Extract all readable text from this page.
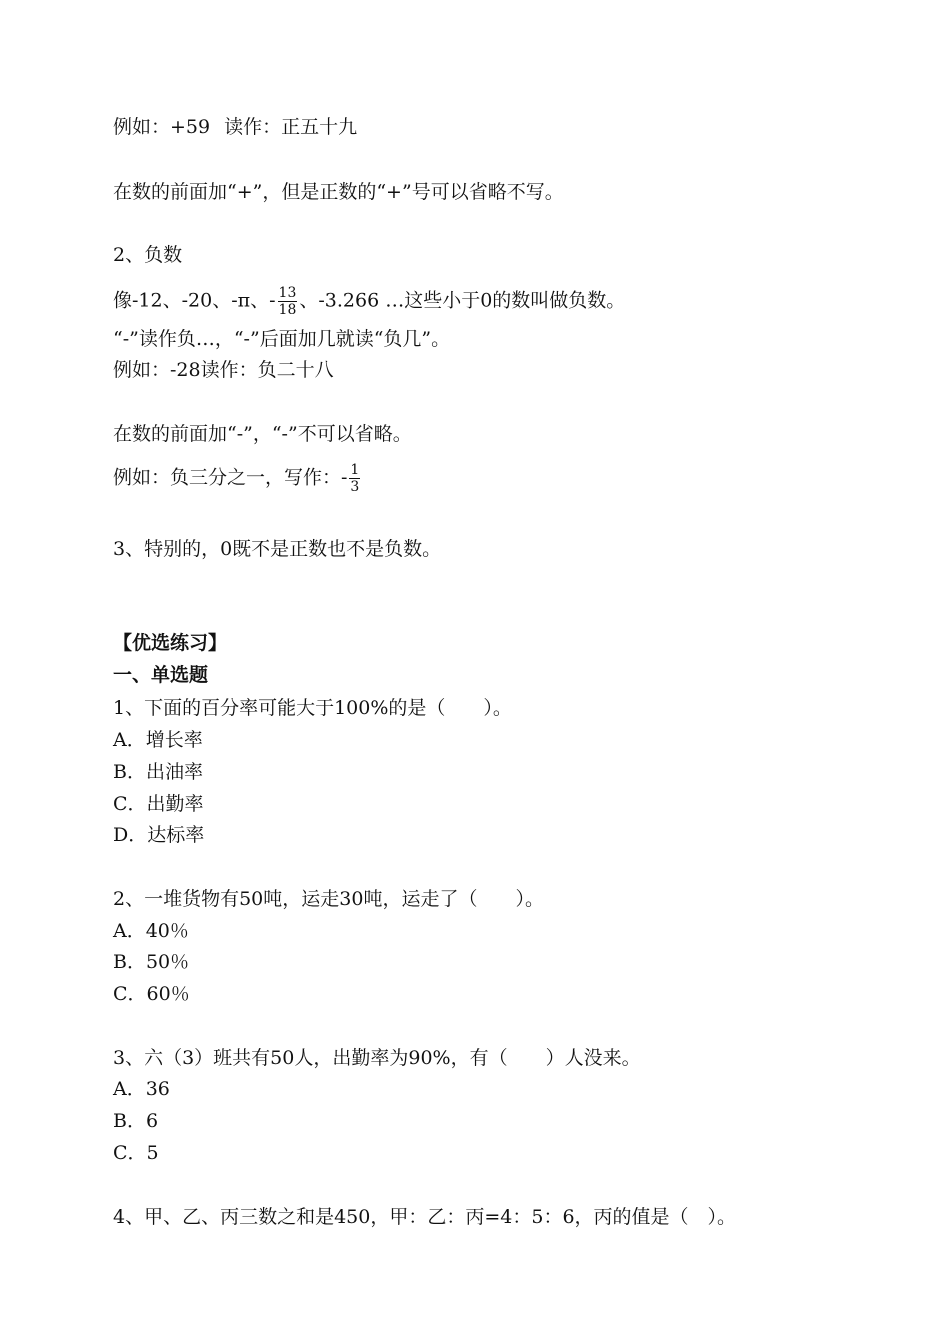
例如：+59 读作：正五十九
在数的前面加“+”，但是正数的“+”号可以省略不写。
2、负数
像-12、-20、-π、- $\frac{13}{18}$ 、-3.266 …这些小于0的数叫做负数。
“-”读作负…，“-”后面加几就读“负几”。
例如：-28读作：负二十八
在数的前面加“-”，“-”不可以省略。
例如：负三分之一，写作：- $\frac{1}{3}$
3、特别的，0既不是正数也不是负数。
【优选练习】
一、单选题
1、下面的百分率可能大于100%的是（　　）。
A．增长率
B．出油率
C．出勤率
D．达标率
2、一堆货物有50吨，运走30吨，运走了（　　）。
A．40％
B．50％
C．60％
3、六（3）班共有50人，出勤率为90%，有（　　）人没来。
A．36
B．6
C．5
4、甲、乙、丙三数之和是450，甲：乙：丙=4：5：6，丙的值是（　）。
